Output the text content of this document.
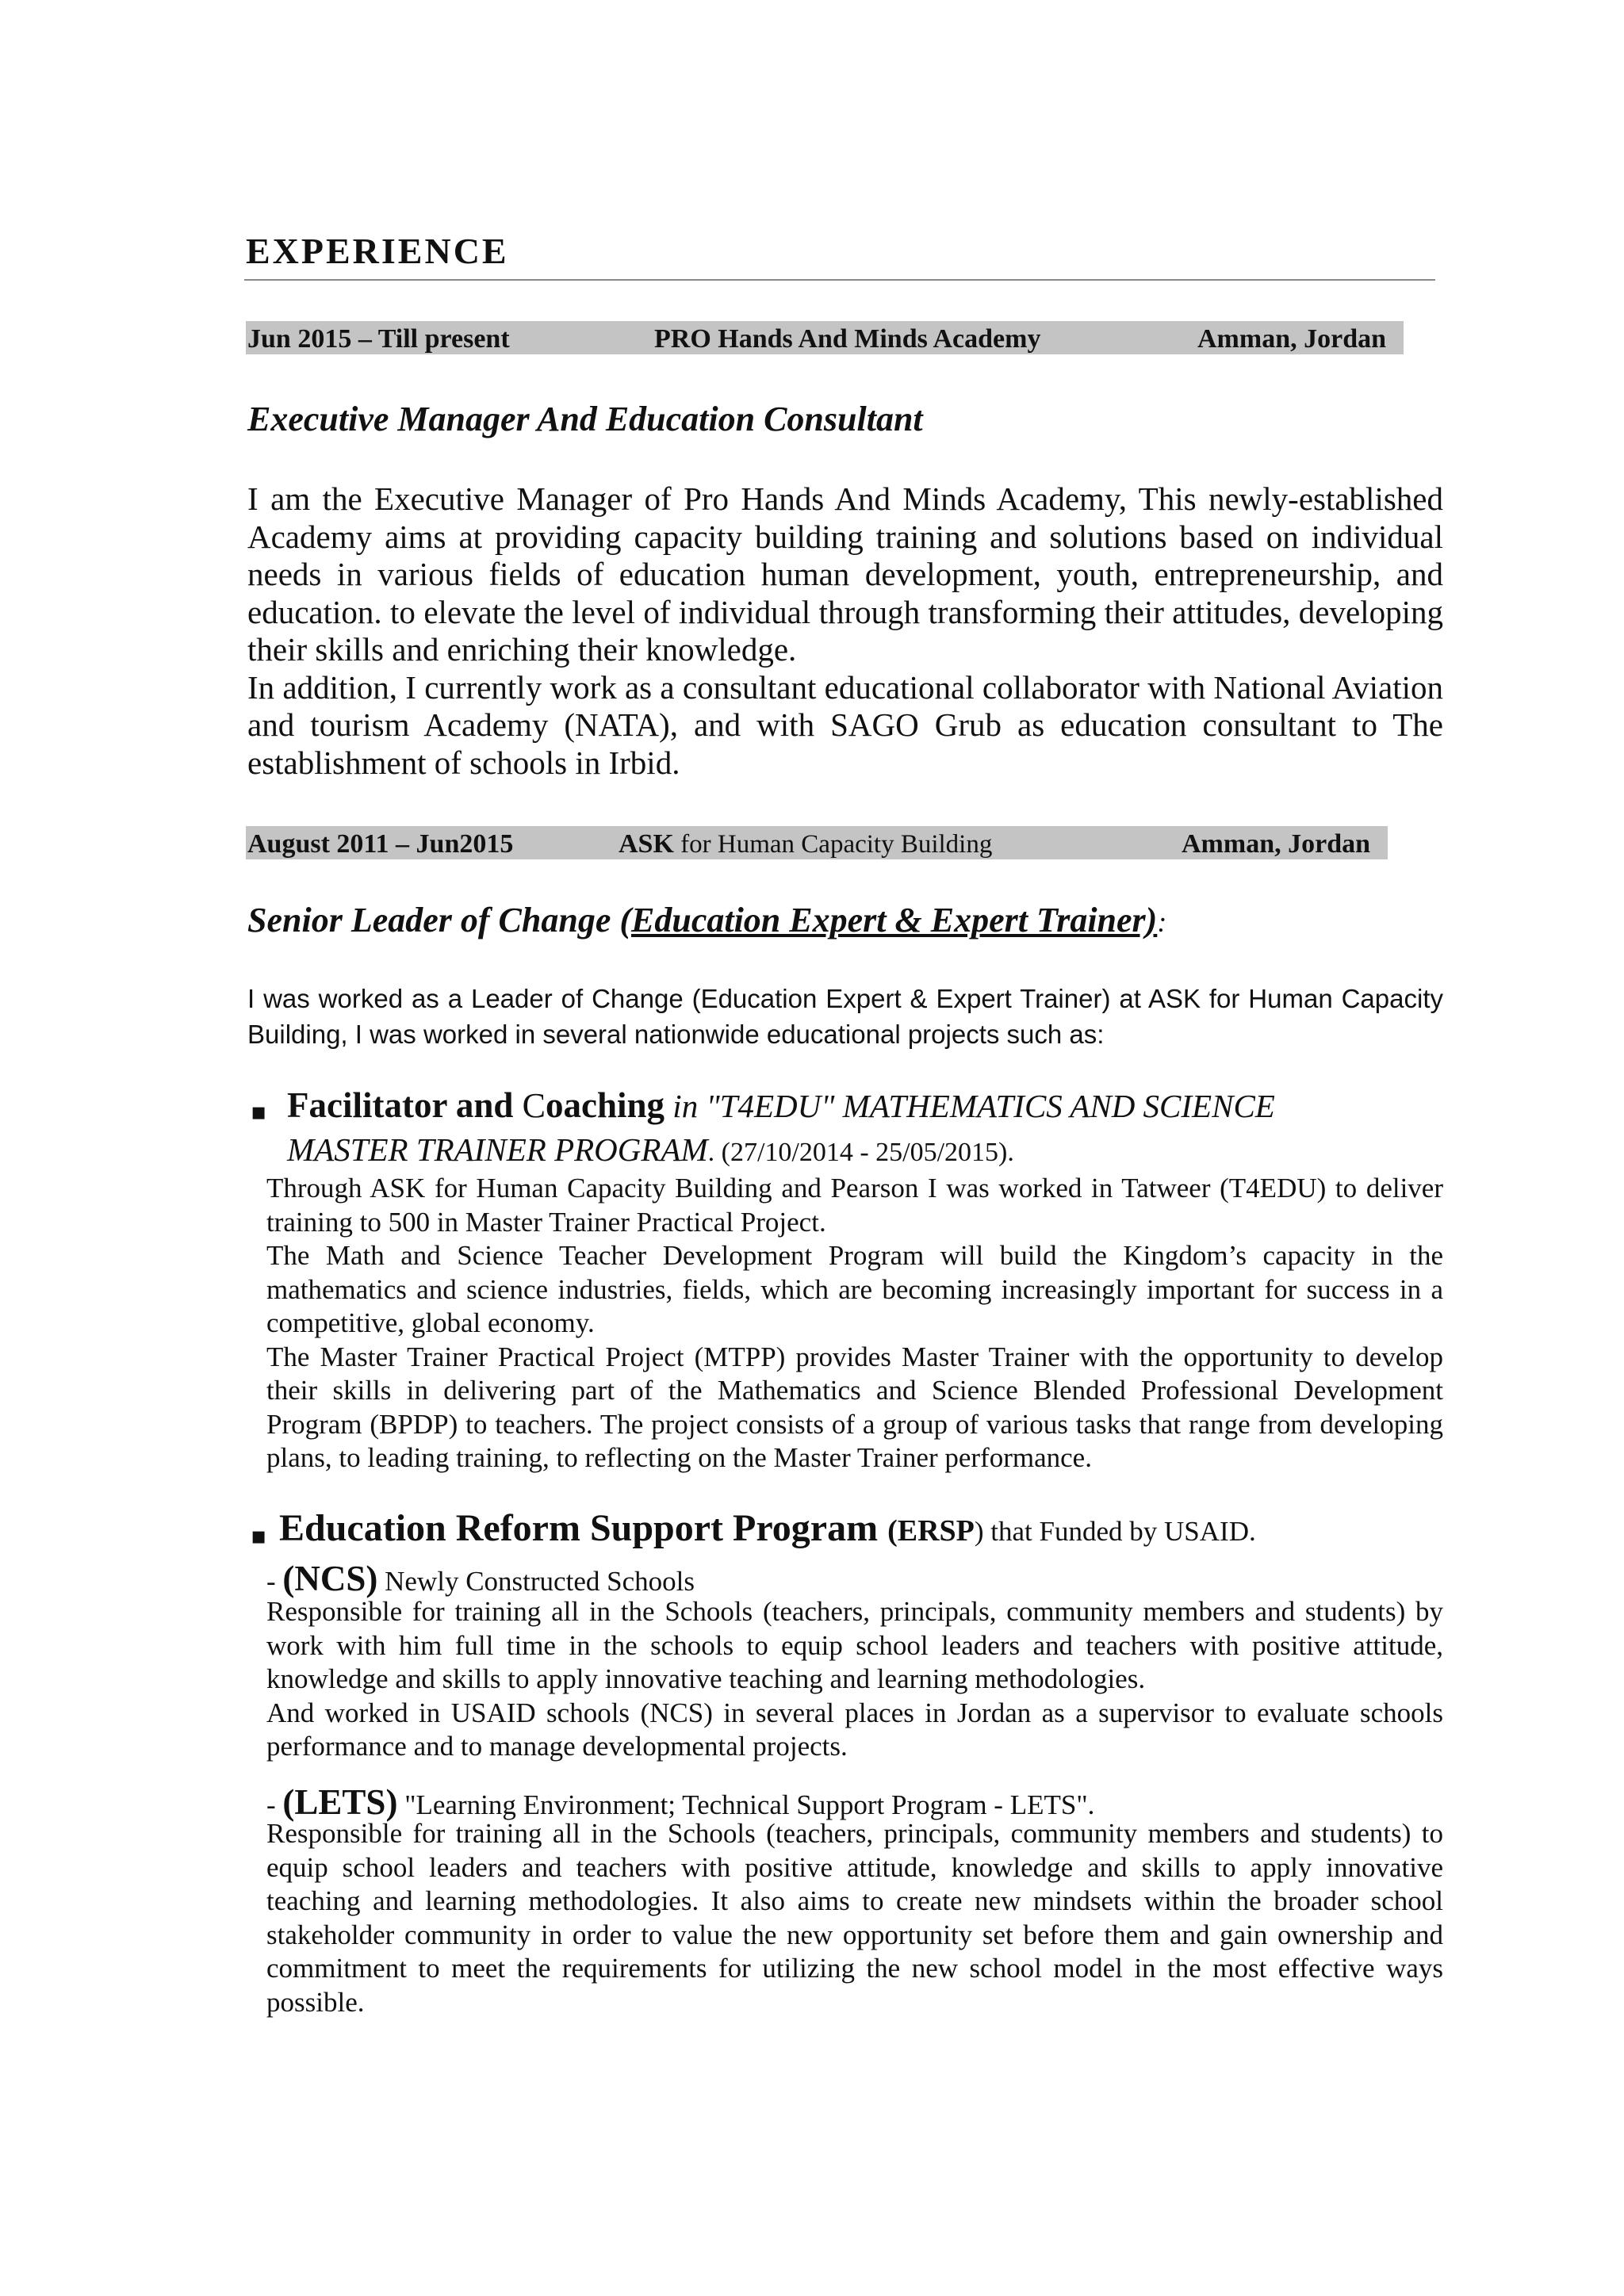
EXPERIENCE
Jun 2015 – Till present	PRO Hands And Minds Academy	Amman, Jordan
Executive Manager And Education Consultant

I am the Executive Manager of Pro Hands And Minds Academy, This newly-established Academy aims at providing capacity building training and solutions based on individual needs in various fields of education human development, youth, entrepreneurship, and education. to elevate the level of individual through transforming their attitudes, developing their skills and enriching their knowledge.

In addition, I currently work as a consultant educational collaborator with National Aviation and tourism Academy (NATA), and with SAGO Grub as education consultant to The establishment of schools in Irbid.

August 2011 – Jun2015	ASK for Human Capacity Building	Amman, Jordan
Senior Leader of Change (Education Expert & Expert Trainer):

I was worked as a Leader of Change (Education Expert & Expert Trainer) at ASK for Human Capacity Building, I was worked in several nationwide educational projects such as:

▪ Facilitator and Coaching in "T4EDU" MATHEMATICS AND SCIENCE
MASTER TRAINER PROGRAM. (27/10/2014 - 25/05/2015).

Through ASK for Human Capacity Building and Pearson I was worked in Tatweer (T4EDU) to deliver training to 500 in Master Trainer Practical Project.

The Math and Science Teacher Development Program will build the Kingdom’s capacity in the mathematics and science industries, fields, which are becoming increasingly important for success in a competitive, global economy.

The Master Trainer Practical Project (MTPP) provides Master Trainer with the opportunity to develop their skills in delivering part of the Mathematics and Science Blended Professional Development Program (BPDP) to teachers. The project consists of a group of various tasks that range from developing plans, to leading training, to reflecting on the Master Trainer performance.

▪ Education Reform Support Program (ERSP) that Funded by USAID.
- (NCS) Newly Constructed Schools

Responsible for training all in the Schools (teachers, principals, community members and students) by work with him full time in the schools to equip school leaders and teachers with positive attitude, knowledge and skills to apply innovative teaching and learning methodologies.

And worked in USAID schools (NCS) in several places in Jordan as a supervisor to evaluate schools performance and to manage developmental projects.

- (LETS) "Learning Environment; Technical Support Program - LETS".

Responsible for training all in the Schools (teachers, principals, community members and students) to equip school leaders and teachers with positive attitude, knowledge and skills to apply innovative teaching and learning methodologies. It also aims to create new mindsets within the broader school stakeholder community in order to value the new opportunity set before them and gain ownership and commitment to meet the requirements for utilizing the new school model in the most effective ways possible.
